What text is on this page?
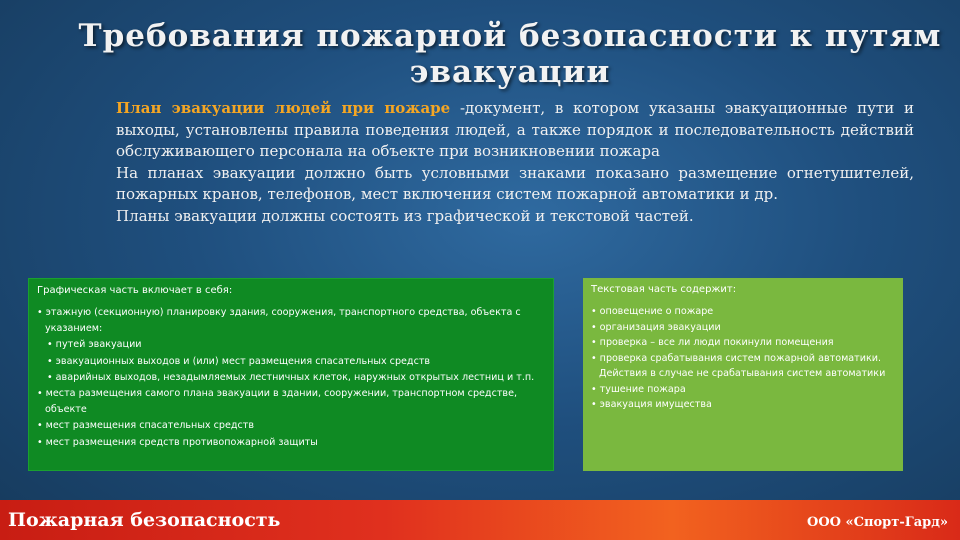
Требования пожарной безопасности к путям эвакуации

План эвакуации людей при пожаре -документ, в котором указаны эвакуационные пути и выходы, установлены правила поведения людей, а также порядок и последовательность действий обслуживающего персонала на объекте при возникновении пожара

На планах эвакуации должно быть условными знаками показано размещение огнетушителей, пожарных кранов, телефонов, мест включения систем пожарной автоматики и др.

Планы эвакуации должны состоять из графической и текстовой частей.

Графическая часть включает в себя:
• этажную (секционную) планировку здания, сооружения, транспортного средства, объекта с указанием:
• путей эвакуации
• эвакуационных выходов и (или) мест размещения спасательных средств
• аварийных выходов, незадымляемых лестничных клеток, наружных открытых лестниц и т.п.
• места размещения самого плана эвакуации в здании, сооружении, транспортном средстве, объекте
• мест размещения спасательных средств
• мест размещения средств противопожарной защиты
Текстовая часть содержит:
• оповещение о пожаре
• организация эвакуации
• проверка – все ли люди покинули помещения
• проверка срабатывания систем пожарной автоматики. Действия в случае не срабатывания систем автоматики
• тушение пожара
• эвакуация имущества
Пожарная безопасность	ООО «Спорт-Гард»
